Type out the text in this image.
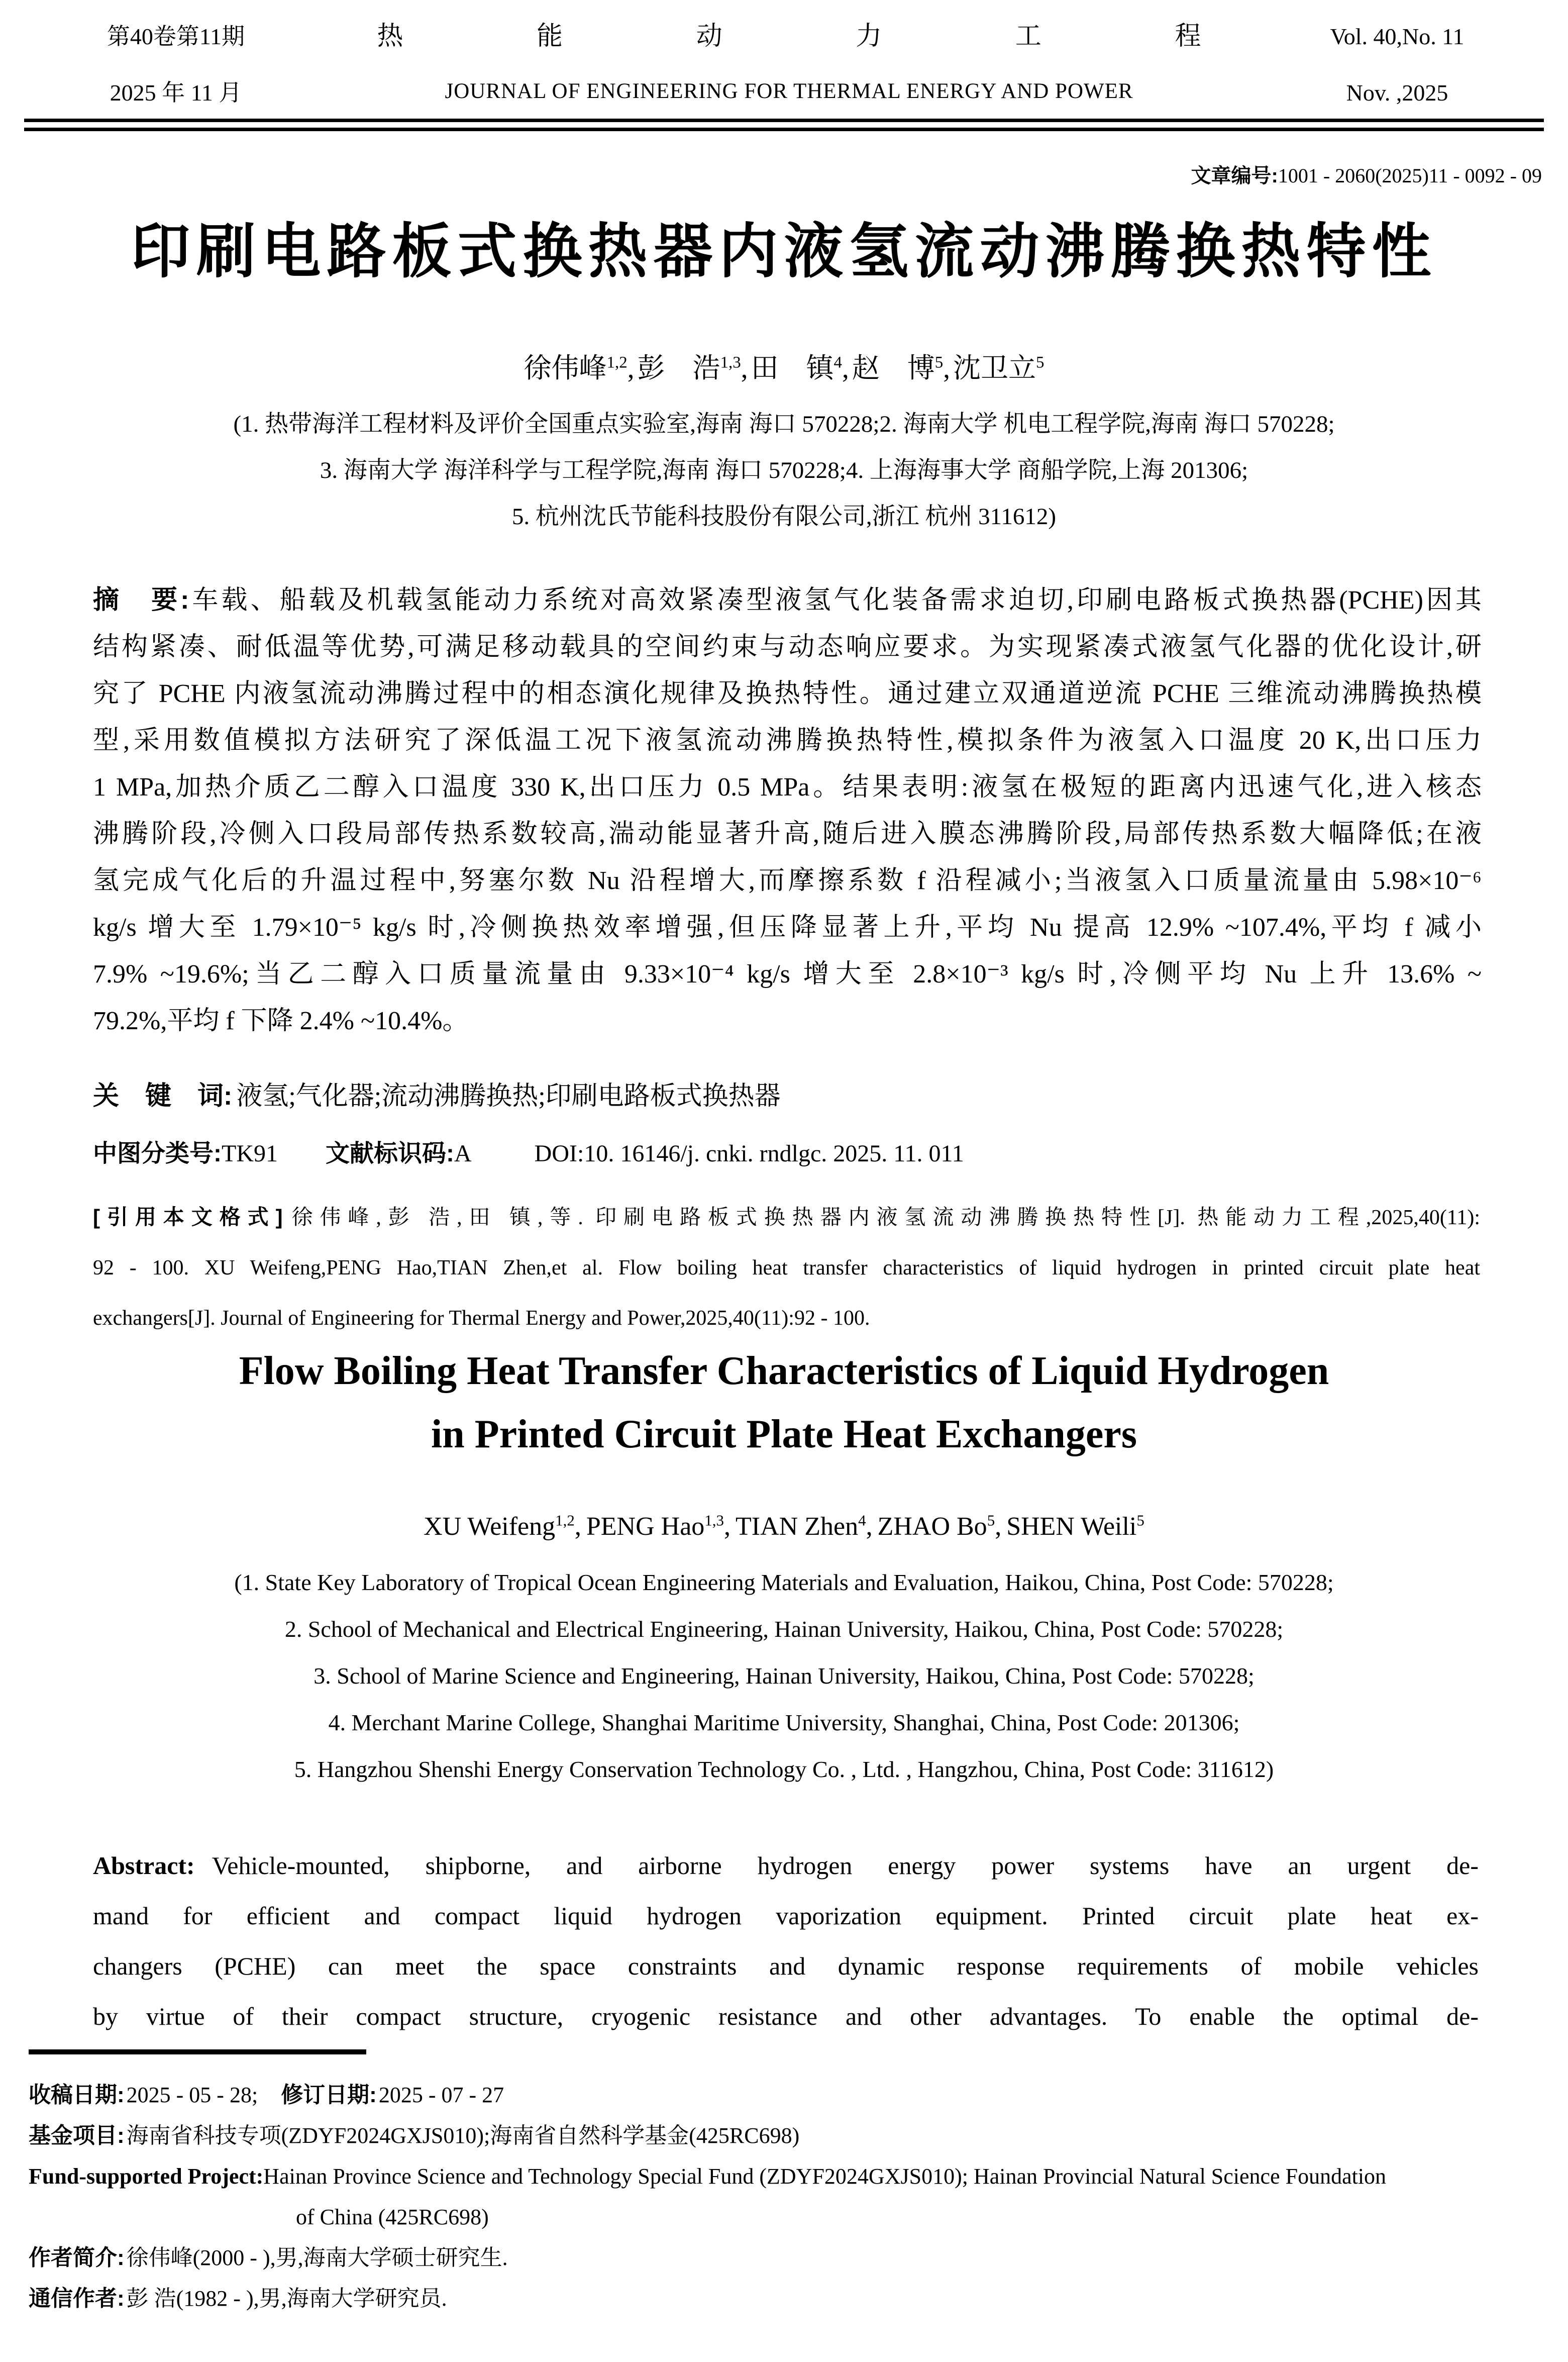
第40卷第11期
2025 年 11 月
热	能	动	力	工	程
JOURNAL OF ENGINEERING FOR THERMAL ENERGY AND POWER
Vol. 40,No. 11
Nov. ,2025
文章编号:1001 - 2060(2025)11 - 0092 - 09
印刷电路板式换热器内液氢流动沸腾换热特性
徐伟峰$^{1,2}$, 彭　浩$^{1,3}$, 田　镇$^4$, 赵　博$^5$, 沈卫立$^5$
(1. 热带海洋工程材料及评价全国重点实验室,海南 海口 570228;2. 海南大学 机电工程学院,海南 海口 570228;
3. 海南大学 海洋科学与工程学院,海南 海口 570228;4. 上海海事大学 商船学院,上海 201306;
5. 杭州沈氏节能科技股份有限公司,浙江 杭州 311612)
摘　要:车载、船载及机载氢能动力系统对高效紧凑型液氢气化装备需求迫切,印刷电路板式换热器(PCHE)因其
结构紧凑、耐低温等优势,可满足移动载具的空间约束与动态响应要求。为实现紧凑式液氢气化器的优化设计,研
究了 PCHE 内液氢流动沸腾过程中的相态演化规律及换热特性。通过建立双通道逆流 PCHE 三维流动沸腾换热模
型,采用数值模拟方法研究了深低温工况下液氢流动沸腾换热特性,模拟条件为液氢入口温度 20 K,出口压力
1 MPa,加热介质乙二醇入口温度 330 K,出口压力 0.5 MPa。结果表明:液氢在极短的距离内迅速气化,进入核态
沸腾阶段,冷侧入口段局部传热系数较高,湍动能显著升高,随后进入膜态沸腾阶段,局部传热系数大幅降低;在液
氢完成气化后的升温过程中,努塞尔数 Nu 沿程增大,而摩擦系数 f 沿程减小;当液氢入口质量流量由 5.98×10⁻⁶
kg/s 增大至 1.79×10⁻⁵ kg/s 时,冷侧换热效率增强,但压降显著上升,平均 Nu 提高 12.9% ~107.4%,平均 f 减小
7.9% ~19.6%;当乙二醇入口质量流量由 9.33×10⁻⁴ kg/s 增大至 2.8×10⁻³ kg/s 时,冷侧平均 Nu 上升 13.6% ~
79.2%,平均 f 下降 2.4% ~10.4%。
关　键　词: 液氢;气化器;流动沸腾换热;印刷电路板式换热器
中图分类号:TK91 文献标识码:A	DOI:10. 16146/j. cnki. rndlgc. 2025. 11. 011
[引用本文格式]徐伟峰,彭 浩,田 镇,等. 印刷电路板式换热器内液氢流动沸腾换热特性[J]. 热能动力工程,2025,40(11):
92 - 100. XU Weifeng,PENG Hao,TIAN Zhen,et al. Flow boiling heat transfer characteristics of liquid hydrogen in printed circuit plate heat
exchangers[J]. Journal of Engineering for Thermal Energy and Power,2025,40(11):92 - 100.
Flow Boiling Heat Transfer Characteristics of Liquid Hydrogen
in Printed Circuit Plate Heat Exchangers
XU Weifeng$^{1,2}$, PENG Hao$^{1,3}$, TIAN Zhen$^4$, ZHAO Bo$^5$, SHEN Weili$^5$
(1. State Key Laboratory of Tropical Ocean Engineering Materials and Evaluation, Haikou, China, Post Code: 570228;
2. School of Mechanical and Electrical Engineering, Hainan University, Haikou, China, Post Code: 570228;
3. School of Marine Science and Engineering, Hainan University, Haikou, China, Post Code: 570228;
4. Merchant Marine College, Shanghai Maritime University, Shanghai, China, Post Code: 201306;
5. Hangzhou Shenshi Energy Conservation Technology Co. , Ltd. , Hangzhou, China, Post Code: 311612)
Abstract: Vehicle-mounted, shipborne, and airborne hydrogen energy power systems have an urgent de-
mand for efficient and compact liquid hydrogen vaporization equipment. Printed circuit plate heat ex-
changers (PCHE) can meet the space constraints and dynamic response requirements of mobile vehicles
by virtue of their compact structure, cryogenic resistance and other advantages. To enable the optimal de-
收稿日期:2025 - 05 - 28; 修订日期:2025 - 07 - 27
基金项目:海南省科技专项(ZDYF2024GXJS010);海南省自然科学基金(425RC698)
Fund-supported Project:Hainan Province Science and Technology Special Fund (ZDYF2024GXJS010); Hainan Provincial Natural Science Foundation
of China (425RC698)
作者简介:徐伟峰(2000 - ),男,海南大学硕士研究生.
通信作者:彭 浩(1982 - ),男,海南大学研究员.
